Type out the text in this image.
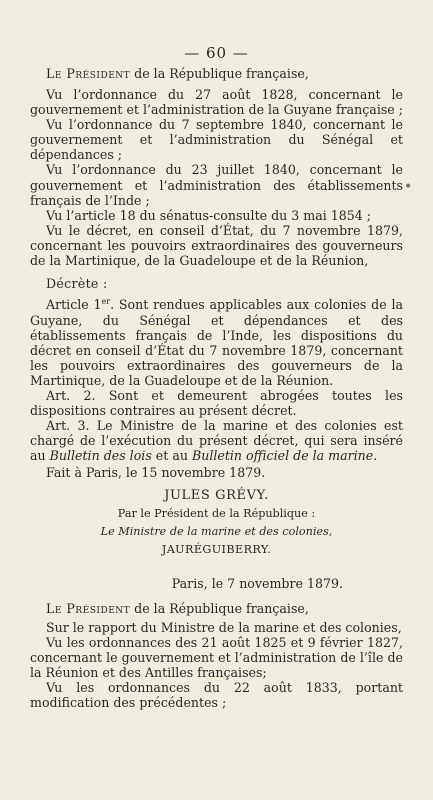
— 60 —

Le Président de la République française,

Vu l’ordonnance du 27 août 1828, concernant le gouvernement et l’administration de la Guyane française ;

Vu l’ordonnance du 7 septembre 1840, concernant le gouvernement et l’administration du Sénégal et dépendances ;

Vu l’ordonnance du 23 juillet 1840, concernant le gouvernement et l’administration des établissements français de l’Inde ;

Vu l’article 18 du sénatus-consulte du 3 mai 1854 ;

Vu le décret, en conseil d’État, du 7 novembre 1879, concernant les pouvoirs extraordinaires des gouverneurs de la Martinique, de la Guadeloupe et de la Réunion,

Décrète :

Article 1er. Sont rendues applicables aux colonies de la Guyane, du Sénégal et dépendances et des établissements français de l’Inde, les dispositions du décret en conseil d’État du 7 novembre 1879, concernant les pouvoirs extraordinaires des gouverneurs de la Martinique, de la Guadeloupe et de la Réunion.

Art. 2. Sont et demeurent abrogées toutes les dispositions contraires au présent décret.

Art. 3. Le Ministre de la marine et des colonies est chargé de l’exécution du présent décret, qui sera inséré au Bulletin des lois et au Bulletin officiel de la marine.

Fait à Paris, le 15 novembre 1879.

JULES GRÉVY.
Par le Président de la République :
Le Ministre de la marine et des colonies,
JAURÉGUIBERRY.
Paris, le 7 novembre 1879.

Le Président de la République française,

Sur le rapport du Ministre de la marine et des colonies,

Vu les ordonnances des 21 août 1825 et 9 février 1827, concernant le gouvernement et l’administration de l’île de la Réunion et des Antilles françaises;

Vu les ordonnances du 22 août 1833, portant modification des précédentes ;

•
